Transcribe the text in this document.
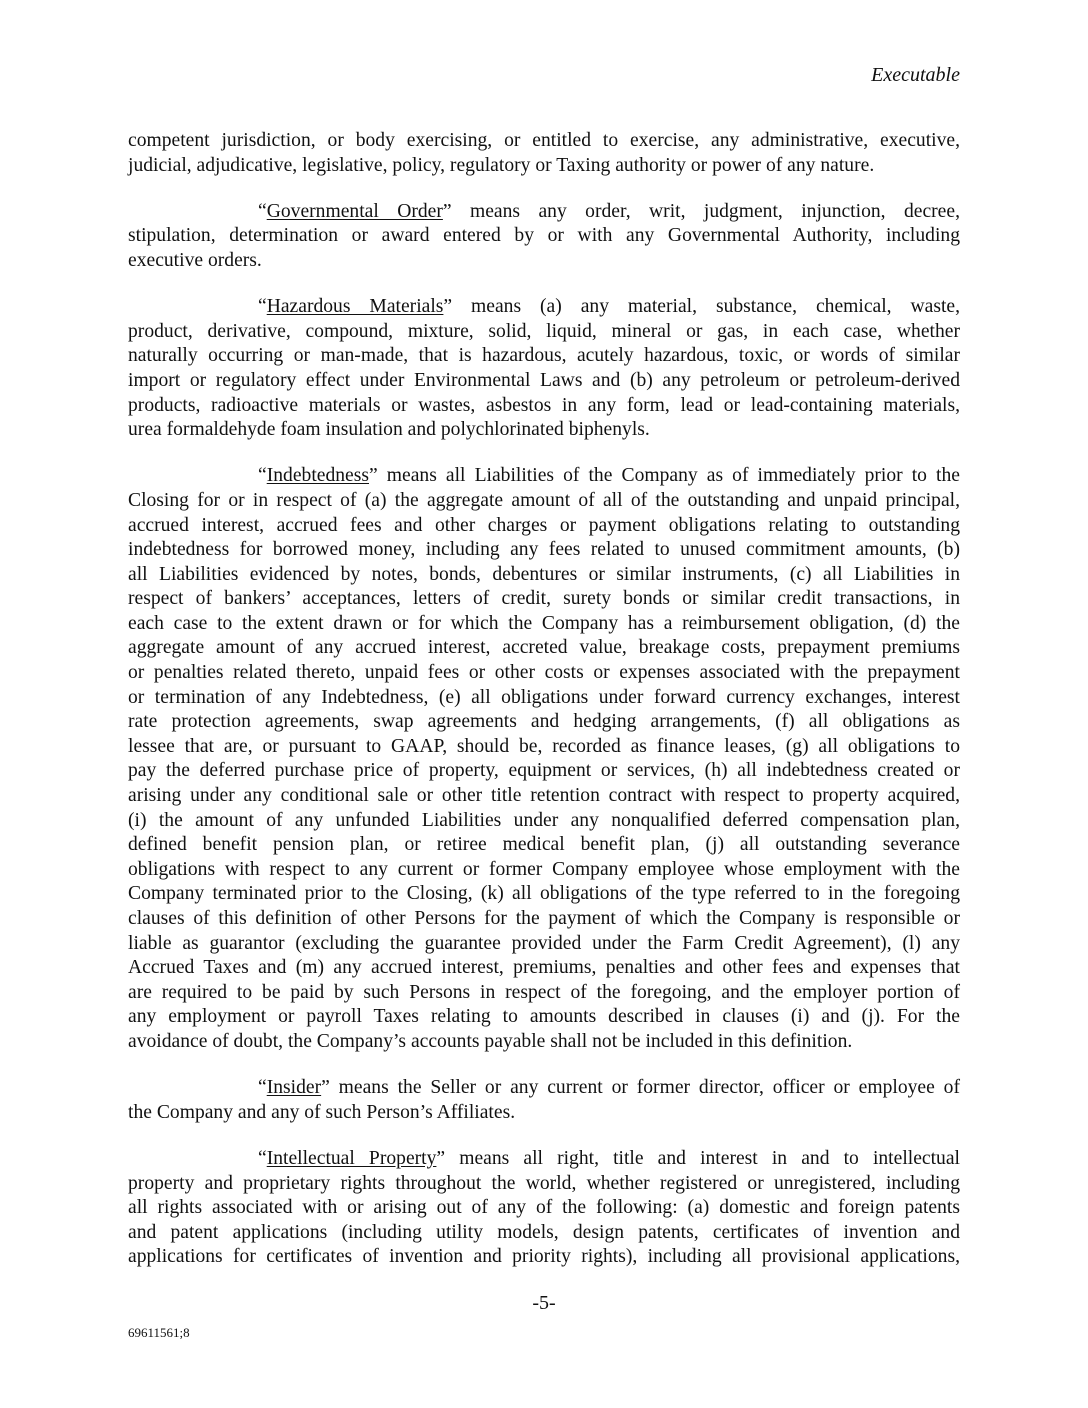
Executable
competent jurisdiction, or body exercising, or entitled to exercise, any administrative, executive,
judicial, adjudicative, legislative, policy, regulatory or Taxing authority or power of any nature.
“Governmental Order” means any order, writ, judgment, injunction, decree,
stipulation, determination or award entered by or with any Governmental Authority, including
executive orders.
“Hazardous Materials” means (a) any material, substance, chemical, waste,
product, derivative, compound, mixture, solid, liquid, mineral or gas, in each case, whether
naturally occurring or man-made, that is hazardous, acutely hazardous, toxic, or words of similar
import or regulatory effect under Environmental Laws and (b) any petroleum or petroleum-derived
products, radioactive materials or wastes, asbestos in any form, lead or lead-containing materials,
urea formaldehyde foam insulation and polychlorinated biphenyls.
“Indebtedness” means all Liabilities of the Company as of immediately prior to the
Closing for or in respect of (a) the aggregate amount of all of the outstanding and unpaid principal,
accrued interest, accrued fees and other charges or payment obligations relating to outstanding
indebtedness for borrowed money, including any fees related to unused commitment amounts, (b)
all Liabilities evidenced by notes, bonds, debentures or similar instruments, (c) all Liabilities in
respect of bankers’ acceptances, letters of credit, surety bonds or similar credit transactions, in
each case to the extent drawn or for which the Company has a reimbursement obligation, (d) the
aggregate amount of any accrued interest, accreted value, breakage costs, prepayment premiums
or penalties related thereto, unpaid fees or other costs or expenses associated with the prepayment
or termination of any Indebtedness, (e) all obligations under forward currency exchanges, interest
rate protection agreements, swap agreements and hedging arrangements, (f) all obligations as
lessee that are, or pursuant to GAAP, should be, recorded as finance leases, (g) all obligations to
pay the deferred purchase price of property, equipment or services, (h) all indebtedness created or
arising under any conditional sale or other title retention contract with respect to property acquired,
(i) the amount of any unfunded Liabilities under any nonqualified deferred compensation plan,
defined benefit pension plan, or retiree medical benefit plan, (j) all outstanding severance
obligations with respect to any current or former Company employee whose employment with the
Company terminated prior to the Closing, (k) all obligations of the type referred to in the foregoing
clauses of this definition of other Persons for the payment of which the Company is responsible or
liable as guarantor (excluding the guarantee provided under the Farm Credit Agreement), (l) any
Accrued Taxes and (m) any accrued interest, premiums, penalties and other fees and expenses that
are required to be paid by such Persons in respect of the foregoing, and the employer portion of
any employment or payroll Taxes relating to amounts described in clauses (i) and (j). For the
avoidance of doubt, the Company’s accounts payable shall not be included in this definition.
“Insider” means the Seller or any current or former director, officer or employee of
the Company and any of such Person’s Affiliates.
“Intellectual Property” means all right, title and interest in and to intellectual
property and proprietary rights throughout the world, whether registered or unregistered, including
all rights associated with or arising out of any of the following: (a) domestic and foreign patents
and patent applications (including utility models, design patents, certificates of invention and
applications for certificates of invention and priority rights), including all provisional applications,
-5-
69611561;8
